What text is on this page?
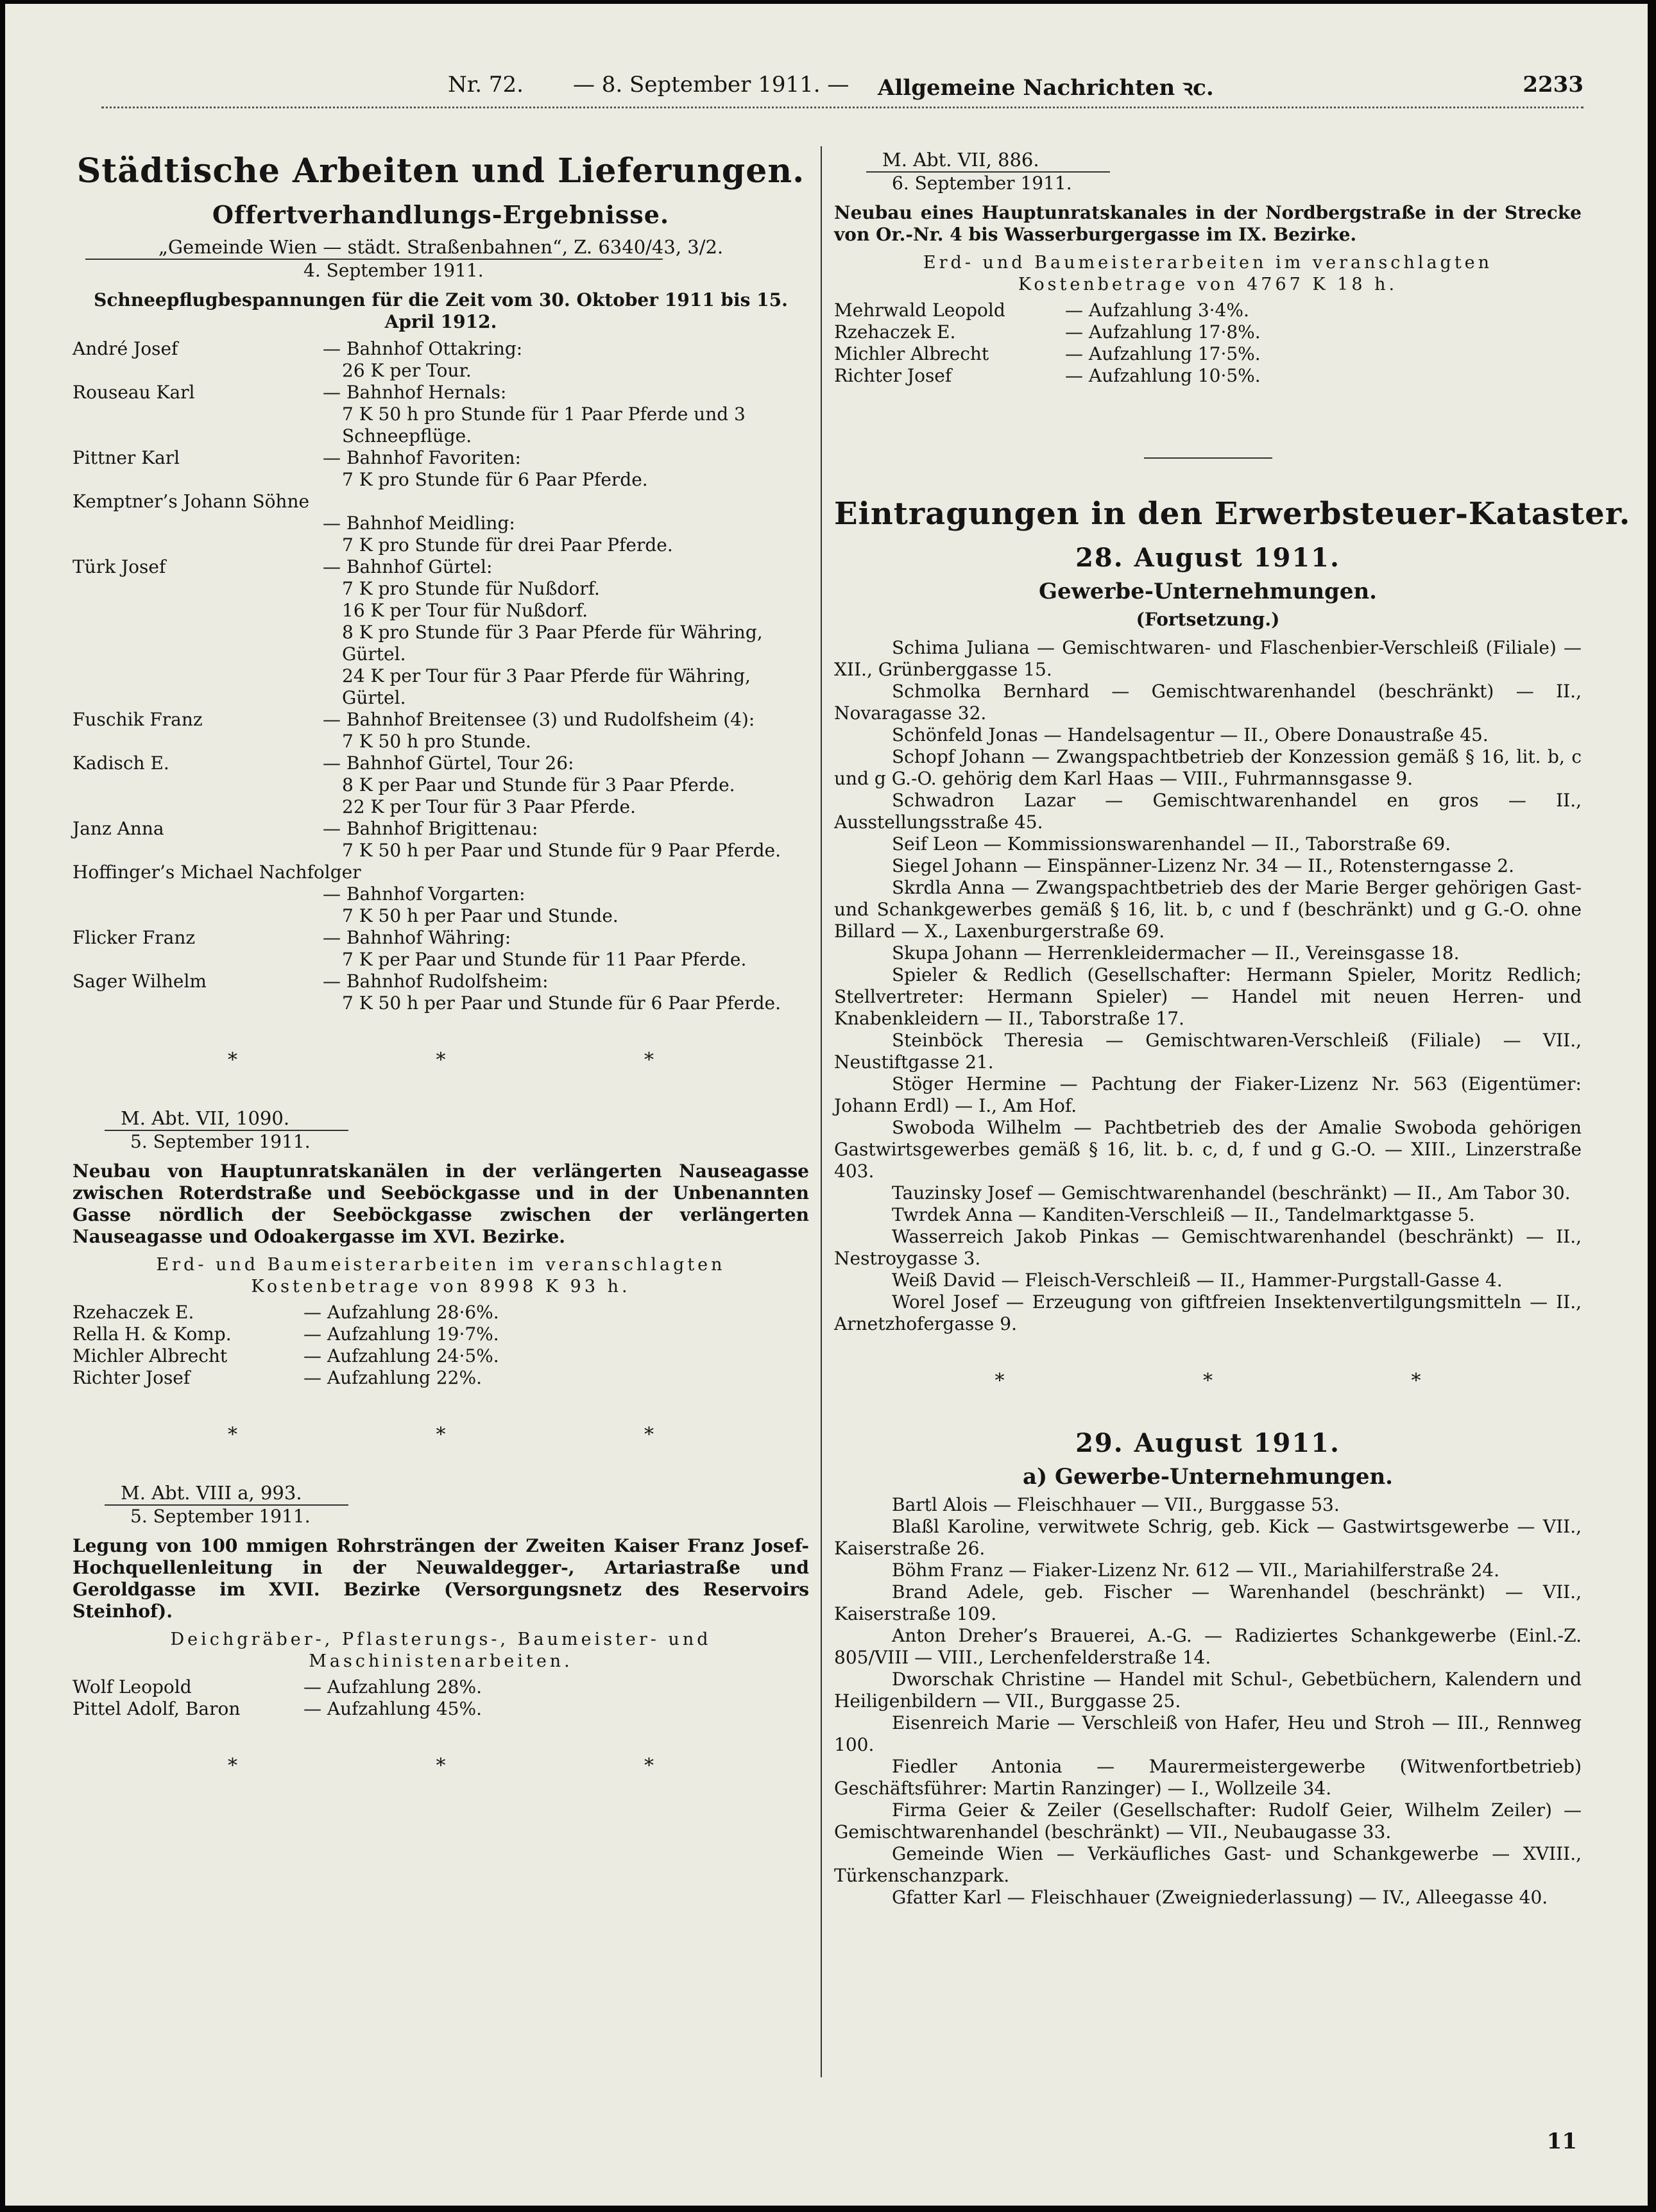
Nr. 72. — 8. September 1911. — Allgemeine Nachrichten ꝛc.	2233
Städtische Arbeiten und Lieferungen.
Offertverhandlungs-Ergebnisse.
„Gemeinde Wien — städt. Straßenbahnen“, Z. 6340/43, 3/2.
4. September 1911.
Schneepflugbespannungen für die Zeit vom 30. Oktober 1911 bis 15. April 1912.
André Josef	— Bahnhof Ottakring:
26 K per Tour.
Rouseau Karl	— Bahnhof Hernals:
7 K 50 h pro Stunde für 1 Paar Pferde und 3 Schneepflüge.
Pittner Karl	— Bahnhof Favoriten:
7 K pro Stunde für 6 Paar Pferde.
Kemptner’s Johann Söhne
— Bahnhof Meidling:
7 K pro Stunde für drei Paar Pferde.
Türk Josef	— Bahnhof Gürtel:
7 K pro Stunde für Nußdorf.
16 K per Tour für Nußdorf.
8 K pro Stunde für 3 Paar Pferde für Währing, Gürtel.
24 K per Tour für 3 Paar Pferde für Währing, Gürtel.
Fuschik Franz	— Bahnhof Breitensee (3) und Rudolfsheim (4):
7 K 50 h pro Stunde.
Kadisch E.	— Bahnhof Gürtel, Tour 26:
8 K per Paar und Stunde für 3 Paar Pferde.
22 K per Tour für 3 Paar Pferde.
Janz Anna	— Bahnhof Brigittenau:
7 K 50 h per Paar und Stunde für 9 Paar Pferde.
Hoffinger’s Michael Nachfolger
— Bahnhof Vorgarten:
7 K 50 h per Paar und Stunde.
Flicker Franz	— Bahnhof Währing:
7 K per Paar und Stunde für 11 Paar Pferde.
Sager Wilhelm	— Bahnhof Rudolfsheim:
7 K 50 h per Paar und Stunde für 6 Paar Pferde.
* * *
M. Abt. VII, 1090.
5. September 1911.
Neubau von Hauptunratskanälen in der verlängerten Nauseagasse zwischen Roterdstraße und Seeböckgasse und in der Unbenannten Gasse nördlich der Seeböckgasse zwischen der verlängerten Nauseagasse und Odoakergasse im XVI. Bezirke.
Erd- und Baumeisterarbeiten im veranschlagten Kostenbetrage von 8998 K 93 h.
Rzehaczek E.	— Aufzahlung 28·6%.
Rella H. & Komp.	— Aufzahlung 19·7%.
Michler Albrecht	— Aufzahlung 24·5%.
Richter Josef	— Aufzahlung 22%.
* * *
M. Abt. VIII a, 993.
5. September 1911.
Legung von 100 mmigen Rohrsträngen der Zweiten Kaiser Franz Josef-Hochquellenleitung in der Neuwaldegger-, Artariastraße und Geroldgasse im XVII. Bezirke (Versorgungsnetz des Reservoirs Steinhof).
Deichgräber-, Pflasterungs-, Baumeister- und Maschinistenarbeiten.
Wolf Leopold	— Aufzahlung 28%.
Pittel Adolf, Baron	— Aufzahlung 45%.
* * *
M. Abt. VII, 886.
6. September 1911.
Neubau eines Hauptunratskanales in der Nordbergstraße in der Strecke von Or.-Nr. 4 bis Wasserburgergasse im IX. Bezirke.
Erd- und Baumeisterarbeiten im veranschlagten Kostenbetrage von 4767 K 18 h.
Mehrwald Leopold	— Aufzahlung 3·4%.
Rzehaczek E.	— Aufzahlung 17·8%.
Michler Albrecht	— Aufzahlung 17·5%.
Richter Josef	— Aufzahlung 10·5%.
Eintragungen in den Erwerbsteuer-Kataster.
28. August 1911.
Gewerbe-Unternehmungen.
(Fortsetzung.)
Schima Juliana — Gemischtwaren- und Flaschenbier-Verschleiß (Filiale) — XII., Grünberggasse 15.
Schmolka Bernhard — Gemischtwarenhandel (beschränkt) — II., Novaragasse 32.
Schönfeld Jonas — Handelsagentur — II., Obere Donaustraße 45.
Schopf Johann — Zwangspachtbetrieb der Konzession gemäß § 16, lit. b, c und g G.-O. gehörig dem Karl Haas — VIII., Fuhrmannsgasse 9.
Schwadron Lazar — Gemischtwarenhandel en gros — II., Ausstellungsstraße 45.
Seif Leon — Kommissionswarenhandel — II., Taborstraße 69.
Siegel Johann — Einspänner-Lizenz Nr. 34 — II., Rotensterngasse 2.
Skrdla Anna — Zwangspachtbetrieb des der Marie Berger gehörigen Gast- und Schankgewerbes gemäß § 16, lit. b, c und f (beschränkt) und g G.-O. ohne Billard — X., Laxenburgerstraße 69.
Skupa Johann — Herrenkleidermacher — II., Vereinsgasse 18.
Spieler & Redlich (Gesellschafter: Hermann Spieler, Moritz Redlich; Stellvertreter: Hermann Spieler) — Handel mit neuen Herren- und Knabenkleidern — II., Taborstraße 17.
Steinböck Theresia — Gemischtwaren-Verschleiß (Filiale) — VII., Neustiftgasse 21.
Stöger Hermine — Pachtung der Fiaker-Lizenz Nr. 563 (Eigentümer: Johann Erdl) — I., Am Hof.
Swoboda Wilhelm — Pachtbetrieb des der Amalie Swoboda gehörigen Gastwirtsgewerbes gemäß § 16, lit. b. c, d, f und g G.-O. — XIII., Linzerstraße 403.
Tauzinsky Josef — Gemischtwarenhandel (beschränkt) — II., Am Tabor 30.
Twrdek Anna — Kanditen-Verschleiß — II., Tandelmarktgasse 5.
Wasserreich Jakob Pinkas — Gemischtwarenhandel (beschränkt) — II., Nestroygasse 3.
Weiß David — Fleisch-Verschleiß — II., Hammer-Purgstall-Gasse 4.
Worel Josef — Erzeugung von giftfreien Insektenvertilgungsmitteln — II., Arnetzhofergasse 9.
* * *
29. August 1911.
a) Gewerbe-Unternehmungen.
Bartl Alois — Fleischhauer — VII., Burggasse 53.
Blaßl Karoline, verwitwete Schrig, geb. Kick — Gastwirtsgewerbe — VII., Kaiserstraße 26.
Böhm Franz — Fiaker-Lizenz Nr. 612 — VII., Mariahilferstraße 24.
Brand Adele, geb. Fischer — Warenhandel (beschränkt) — VII., Kaiserstraße 109.
Anton Dreher’s Brauerei, A.-G. — Radiziertes Schankgewerbe (Einl.-Z. 805/VIII — VIII., Lerchenfelderstraße 14.
Dworschak Christine — Handel mit Schul-, Gebetbüchern, Kalendern und Heiligenbildern — VII., Burggasse 25.
Eisenreich Marie — Verschleiß von Hafer, Heu und Stroh — III., Rennweg 100.
Fiedler Antonia — Maurermeistergewerbe (Witwenfortbetrieb) Geschäftsführer: Martin Ranzinger) — I., Wollzeile 34.
Firma Geier & Zeiler (Gesellschafter: Rudolf Geier, Wilhelm Zeiler) — Gemischtwarenhandel (beschränkt) — VII., Neubaugasse 33.
Gemeinde Wien — Verkäufliches Gast- und Schankgewerbe — XVIII., Türkenschanzpark.
Gfatter Karl — Fleischhauer (Zweigniederlassung) — IV., Alleegasse 40.
11
